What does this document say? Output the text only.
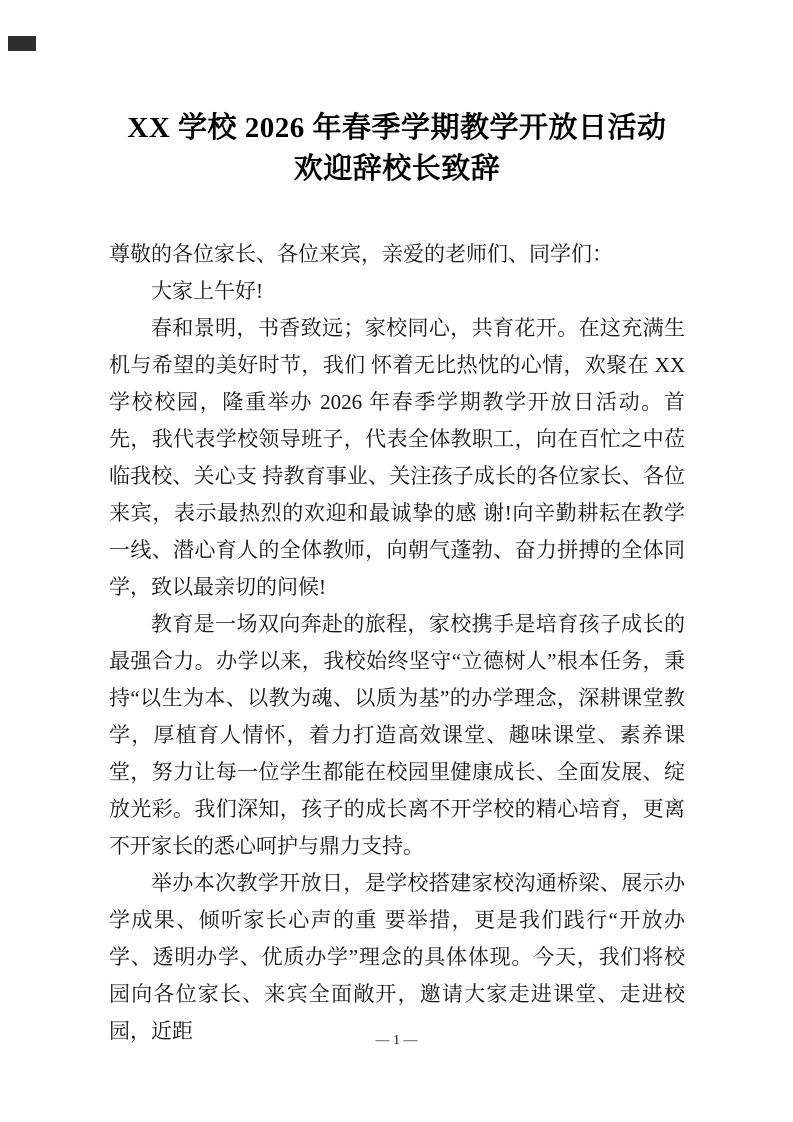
XX 学校 2026 年春季学期教学开放日活动
欢迎辞校长致辞

尊敬的各位家长、各位来宾，亲爱的老师们、同学们：

大家上午好!

春和景明，书香致远；家校同心，共育花开。在这充满生机与希望的美好时节，我们 怀着无比热忱的心情，欢聚在 XX 学校校园，隆重举办 2026 年春季学期教学开放日活动。首先，我代表学校领导班子，代表全体教职工，向在百忙之中莅临我校、关心支 持教育事业、关注孩子成长的各位家长、各位来宾，表示最热烈的欢迎和最诚挚的感 谢!向辛勤耕耘在教学一线、潜心育人的全体教师，向朝气蓬勃、奋力拼搏的全体同 学，致以最亲切的问候!

教育是一场双向奔赴的旅程，家校携手是培育孩子成长的最强合力。办学以来，我校始终坚守“立德树人”根本任务，秉持“以生为本、以教为魂、以质为基”的办学理念，深耕课堂教学，厚植育人情怀，着力打造高效课堂、趣味课堂、素养课堂，努力让每一位学生都能在校园里健康成长、全面发展、绽放光彩。我们深知，孩子的成长离不开学校的精心培育，更离不开家长的悉心呵护与鼎力支持。

举办本次教学开放日，是学校搭建家校沟通桥梁、展示办学成果、倾听家长心声的重 要举措，更是我们践行“开放办学、透明办学、优质办学”理念的具体体现。今天，我们将校园向各位家长、来宾全面敞开，邀请大家走进课堂、走进校园，近距	— 1 —
